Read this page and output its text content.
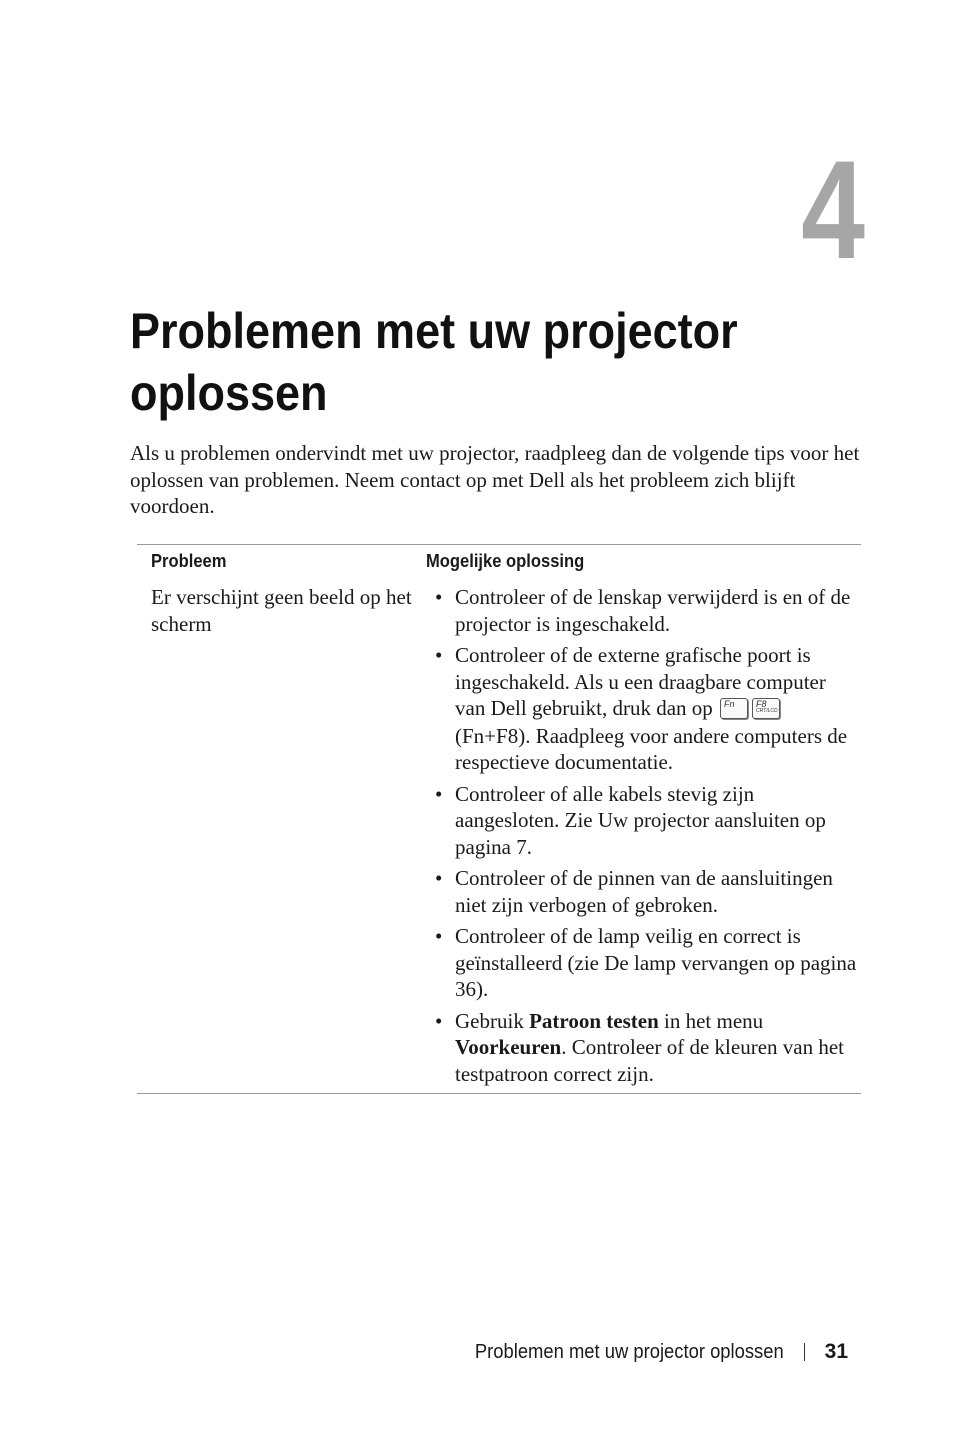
4
Problemen met uw projector oplossen

Als u problemen ondervindt met uw projector, raadpleeg dan de volgende tips voor het oplossen van problemen. Neem contact op met Dell als het probleem zich blijft voordoen.

Probleem	Mogelijke oplossing
Er verschijnt geen beeld op het scherm
• Controleer of de lenskap verwijderd is en of de projector is ingeschakeld.
• Controleer of de externe grafische poort is ingeschakeld. Als u een draagbare computer van Dell gebruikt, druk dan op Fn F8
CRT/LCD
(Fn+F8). Raadpleeg voor andere computers de respectieve documentatie.
• Controleer of alle kabels stevig zijn aangesloten. Zie Uw projector aansluiten op pagina 7.
• Controleer of de pinnen van de aansluitingen niet zijn verbogen of gebroken.
• Controleer of de lamp veilig en correct is geïnstalleerd (zie De lamp vervangen op pagina 36).
• Gebruik Patroon testen in het menu Voorkeuren. Controleer of de kleuren van het testpatroon correct zijn.
Problemen met uw projector oplossen 31
